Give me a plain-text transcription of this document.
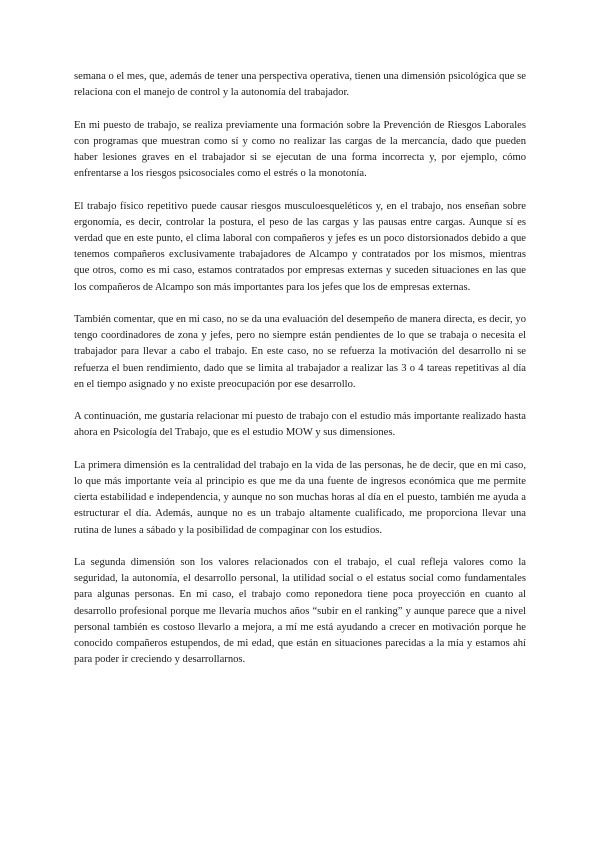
semana o el mes, que, además de tener una perspectiva operativa, tienen una dimensión psicológica que se relaciona con el manejo de control y la autonomía del trabajador.

En mi puesto de trabajo, se realiza previamente una formación sobre la Prevención de Riesgos Laborales con programas que muestran como sí y como no realizar las cargas de la mercancía, dado que pueden haber lesiones graves en el trabajador si se ejecutan de una forma incorrecta y, por ejemplo, cómo enfrentarse a los riesgos psicosociales como el estrés o la monotonía.

El trabajo físico repetitivo puede causar riesgos musculoesqueléticos y, en el trabajo, nos enseñan sobre ergonomía, es decir, controlar la postura, el peso de las cargas y las pausas entre cargas. Aunque sí es verdad que en este punto, el clima laboral con compañeros y jefes es un poco distorsionados debido a que tenemos compañeros exclusivamente trabajadores de Alcampo y contratados por los mismos, mientras que otros, como es mi caso, estamos contratados por empresas externas y suceden situaciones en las que los compañeros de Alcampo son más importantes para los jefes que los de empresas externas.

También comentar, que en mi caso, no se da una evaluación del desempeño de manera directa, es decir, yo tengo coordinadores de zona y jefes, pero no siempre están pendientes de lo que se trabaja o necesita el trabajador para llevar a cabo el trabajo. En este caso, no se refuerza la motivación del desarrollo ni se refuerza el buen rendimiento, dado que se limita al trabajador a realizar las 3 o 4 tareas repetitivas al día en el tiempo asignado y no existe preocupación por ese desarrollo.

A continuación, me gustaría relacionar mi puesto de trabajo con el estudio más importante realizado hasta ahora en Psicología del Trabajo, que es el estudio MOW y sus dimensiones.

La primera dimensión es la centralidad del trabajo en la vida de las personas, he de decir, que en mi caso, lo que más importante veía al principio es que me da una fuente de ingresos económica que me permite cierta estabilidad e independencia, y aunque no son muchas horas al día en el puesto, también me ayuda a estructurar el día. Además, aunque no es un trabajo altamente cualificado, me proporciona llevar una rutina de lunes a sábado y la posibilidad de compaginar con los estudios.

La segunda dimensión son los valores relacionados con el trabajo, el cual refleja valores como la seguridad, la autonomía, el desarrollo personal, la utilidad social o el estatus social como fundamentales para algunas personas. En mi caso, el trabajo como reponedora tiene poca proyección en cuanto al desarrollo profesional porque me llevaría muchos años “subir en el ranking” y aunque parece que a nivel personal también es costoso llevarlo a mejora, a mí me está ayudando a crecer en motivación porque he conocido compañeros estupendos, de mi edad, que están en situaciones parecidas a la mía y estamos ahí para poder ir creciendo y desarrollarnos.
